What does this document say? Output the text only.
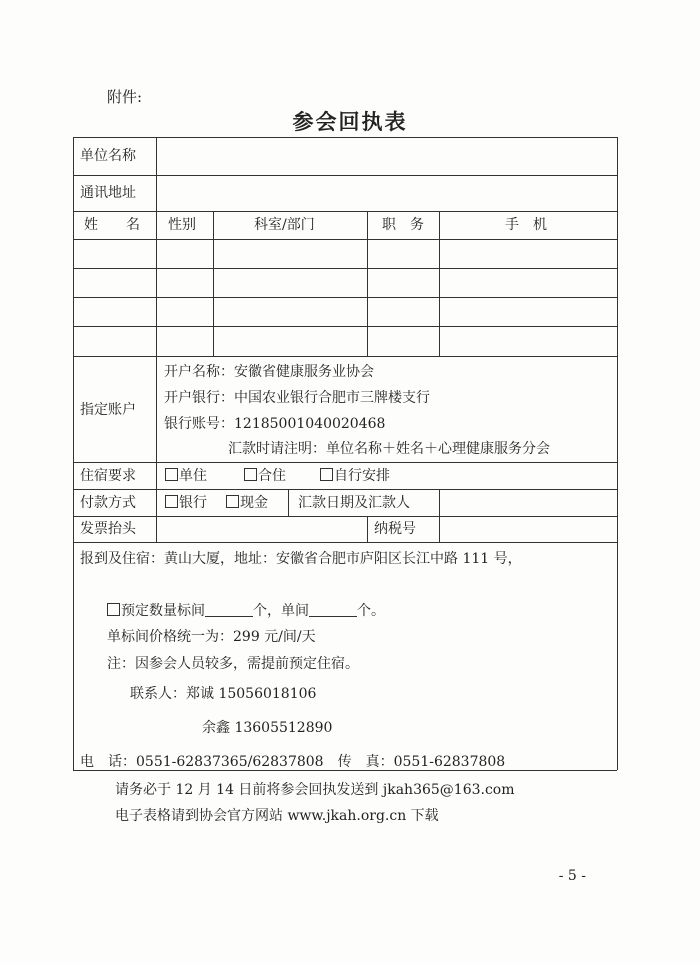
附件:
参会回执表
单位名称
通讯地址
姓　　名 性别	科室/部门	职　务	手　机
指定账户
开户名称：安徽省健康服务业协会
开户银行：中国农业银行合肥市三牌楼支行
银行账号：12185001040020468
汇款时请注明：单位名称＋姓名＋心理健康服务分会
住宿要求	单住	合住	自行安排
付款方式	银行	现金 汇款日期及汇款人
发票抬头	纳税号
报到及住宿：黄山大厦，地址：安徽省合肥市庐阳区长江中路 111 号，
预定数量标间	个，单间	个。
单标间价格统一为：299 元/间/天
注：因参会人员较多，需提前预定住宿。
联系人：郑诚 15056018106
余鑫 13605512890
电　话：0551-62837365/62837808　传　真：0551-62837808
请务必于 12 月 14 日前将参会回执发送到 jkah365@163.com
电子表格请到协会官方网站 www.jkah.org.cn 下载
- 5 -
